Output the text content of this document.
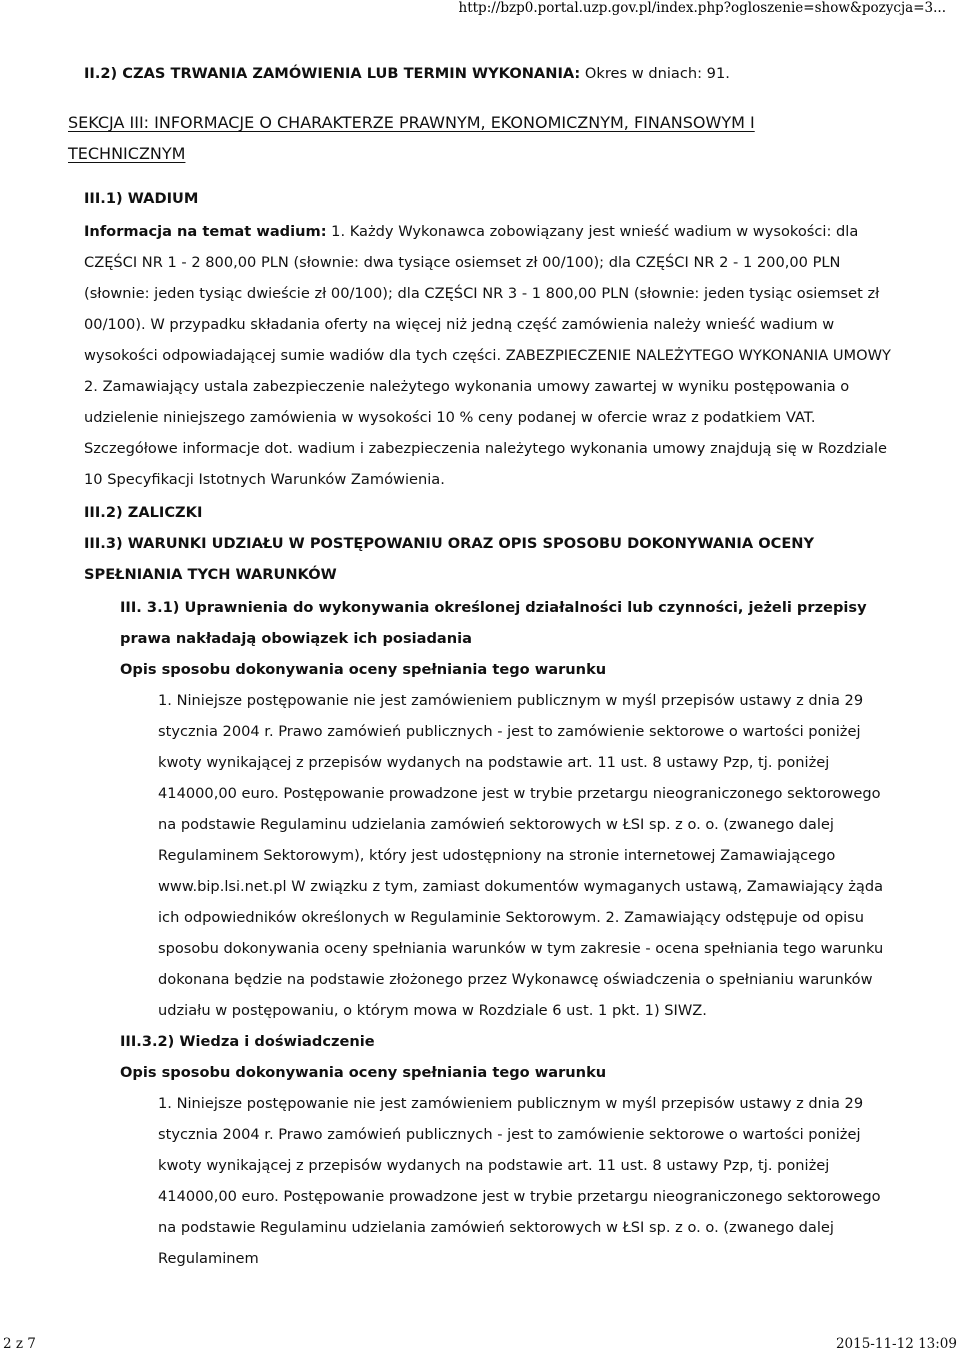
http://bzp0.portal.uzp.gov.pl/index.php?ogloszenie=show&pozycja=3...
II.2) CZAS TRWANIA ZAMÓWIENIA LUB TERMIN WYKONANIA: Okres w dniach: 91.
SEKCJA III: INFORMACJE O CHARAKTERZE PRAWNYM, EKONOMICZNYM, FINANSOWYM I TECHNICZNYM
III.1) WADIUM
Informacja na temat wadium: 1. Każdy Wykonawca zobowiązany jest wnieść wadium w wysokości: dla CZĘŚCI NR 1 - 2 800,00 PLN (słownie: dwa tysiące osiemset zł 00/100); dla CZĘŚCI NR 2 - 1 200,00 PLN (słownie: jeden tysiąc dwieście zł 00/100); dla CZĘŚCI NR 3 - 1 800,00 PLN (słownie: jeden tysiąc osiemset zł 00/100). W przypadku składania oferty na więcej niż jedną część zamówienia należy wnieść wadium w wysokości odpowiadającej sumie wadiów dla tych części. ZABEZPIECZENIE NALEŻYTEGO WYKONANIA UMOWY 2. Zamawiający ustala zabezpieczenie należytego wykonania umowy zawartej w wyniku postępowania o udzielenie niniejszego zamówienia w wysokości 10 % ceny podanej w ofercie wraz z podatkiem VAT. Szczegółowe informacje dot. wadium i zabezpieczenia należytego wykonania umowy znajdują się w Rozdziale 10 Specyfikacji Istotnych Warunków Zamówienia.
III.2) ZALICZKI
III.3) WARUNKI UDZIAŁU W POSTĘPOWANIU ORAZ OPIS SPOSOBU DOKONYWANIA OCENY SPEŁNIANIA TYCH WARUNKÓW
III. 3.1) Uprawnienia do wykonywania określonej działalności lub czynności, jeżeli przepisy prawa nakładają obowiązek ich posiadania
Opis sposobu dokonywania oceny spełniania tego warunku
1. Niniejsze postępowanie nie jest zamówieniem publicznym w myśl przepisów ustawy z dnia 29 stycznia 2004 r. Prawo zamówień publicznych - jest to zamówienie sektorowe o wartości poniżej kwoty wynikającej z przepisów wydanych na podstawie art. 11 ust. 8 ustawy Pzp, tj. poniżej 414000,00 euro. Postępowanie prowadzone jest w trybie przetargu nieograniczonego sektorowego na podstawie Regulaminu udzielania zamówień sektorowych w ŁSI sp. z o. o. (zwanego dalej Regulaminem Sektorowym), który jest udostępniony na stronie internetowej Zamawiającego www.bip.lsi.net.pl W związku z tym, zamiast dokumentów wymaganych ustawą, Zamawiający żąda ich odpowiedników określonych w Regulaminie Sektorowym. 2. Zamawiający odstępuje od opisu sposobu dokonywania oceny spełniania warunków w tym zakresie - ocena spełniania tego warunku dokonana będzie na podstawie złożonego przez Wykonawcę oświadczenia o spełnianiu warunków udziału w postępowaniu, o którym mowa w Rozdziale 6 ust. 1 pkt. 1) SIWZ.
III.3.2) Wiedza i doświadczenie
Opis sposobu dokonywania oceny spełniania tego warunku
1. Niniejsze postępowanie nie jest zamówieniem publicznym w myśl przepisów ustawy z dnia 29 stycznia 2004 r. Prawo zamówień publicznych - jest to zamówienie sektorowe o wartości poniżej kwoty wynikającej z przepisów wydanych na podstawie art. 11 ust. 8 ustawy Pzp, tj. poniżej 414000,00 euro. Postępowanie prowadzone jest w trybie przetargu nieograniczonego sektorowego na podstawie Regulaminu udzielania zamówień sektorowych w ŁSI sp. z o. o. (zwanego dalej Regulaminem
2 z 7	2015-11-12 13:09
